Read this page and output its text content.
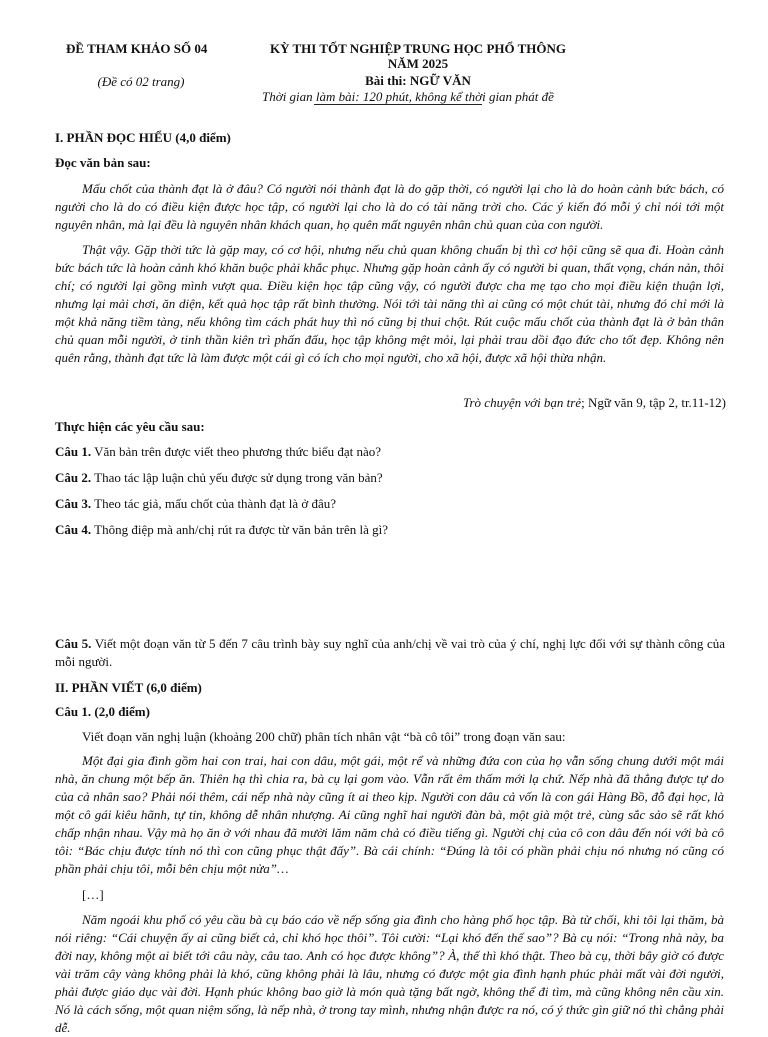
ĐỀ THAM KHẢO SỐ 04
(Đề có 02 trang)
KỲ THI TỐT NGHIỆP TRUNG HỌC PHỔ THÔNG
NĂM 2025
Bài thi: NGỮ VĂN
Thời gian làm bài: 120 phút, không kể thời gian phát đề
I. PHẦN ĐỌC HIỂU (4,0 điểm)
Đọc văn bản sau:
Mấu chốt của thành đạt là ở đâu? Có người nói thành đạt là do gặp thời, có người lại cho là do hoàn cảnh bức bách, có người cho là do có điều kiện được học tập, có người lại cho là do có tài năng trời cho. Các ý kiến đó mỗi ý chỉ nói tới một nguyên nhân, mà lại đều là nguyên nhân khách quan, họ quên mất nguyên nhân chủ quan của con người.
Thật vậy. Gặp thời tức là gặp may, có cơ hội, nhưng nếu chủ quan không chuẩn bị thì cơ hội cũng sẽ qua đi. Hoàn cảnh bức bách tức là hoàn cảnh khó khăn buộc phải khắc phục. Nhưng gặp hoàn cảnh ấy có người bi quan, thất vọng, chán nản, thôi chí; có người lại gồng mình vượt qua. Điều kiện học tập cũng vậy, có người được cha mẹ tạo cho mọi điều kiện thuận lợi, nhưng lại mải chơi, ăn diện, kết quả học tập rất bình thường. Nói tới tài năng thì ai cũng có một chút tài, nhưng đó chỉ mới là một khả năng tiềm tàng, nếu không tìm cách phát huy thì nó cũng bị thui chột. Rút cuộc mấu chốt của thành đạt là ở bản thân chủ quan mỗi người, ở tinh thần kiên trì phấn đấu, học tập không mệt mỏi, lại phải trau dồi đạo đức cho tốt đẹp. Không nên quên rằng, thành đạt tức là làm được một cái gì có ích cho mọi người, cho xã hội, được xã hội thừa nhận.
Trò chuyện với bạn trẻ; Ngữ văn 9, tập 2, tr.11-12)
Thực hiện các yêu cầu sau:
Câu 1. Văn bản trên được viết theo phương thức biểu đạt nào?
Câu 2. Thao tác lập luận chủ yếu được sử dụng trong văn bản?
Câu 3. Theo tác giả, mấu chốt của thành đạt là ở đâu?
Câu 4. Thông điệp mà anh/chị rút ra được từ văn bản trên là gì?
Câu 5. Viết một đoạn văn từ 5 đến 7 câu trình bày suy nghĩ của anh/chị về vai trò của ý chí, nghị lực đối với sự thành công của mỗi người.
II. PHẦN VIẾT (6,0 điểm)
Câu 1. (2,0 điểm)
Viết đoạn văn nghị luận (khoảng 200 chữ) phân tích nhân vật “bà cô tôi” trong đoạn văn sau:
Một đại gia đình gồm hai con trai, hai con dâu, một gái, một rể và những đứa con của họ vẫn sống chung dưới một mái nhà, ăn chung một bếp ăn. Thiên hạ thì chia ra, bà cụ lại gom vào. Vẫn rất êm thấm mới lạ chứ. Nếp nhà đã thẳng được tự do của cả nhân sao? Phải nói thêm, cái nếp nhà này cũng ít ai theo kịp. Người con dâu cả vốn là con gái Hàng Bồ, đỗ đại học, là một cô gái kiêu hãnh, tự tin, không dễ nhân nhượng. Ai cũng nghĩ hai người đàn bà, một già một trẻ, cùng sắc sảo sẽ rất khó chấp nhận nhau. Vậy mà họ ăn ở với nhau đã mười lăm năm chả có điều tiếng gì. Người chị của cô con dâu đến nói với bà cô tôi: “Bác chịu được tính nó thì con cũng phục thật đấy”. Bà cái chính: “Đúng là tôi có phần phải chịu nó nhưng nó cũng có phần phải chịu tôi, mỗi bên chịu một nửa”…
[…]
Năm ngoái khu phố có yêu cầu bà cụ báo cáo về nếp sống gia đình cho hàng phố học tập. Bà từ chối, khi tôi lại thăm, bà nói riêng: “Cái chuyện ấy ai cũng biết cả, chỉ khó học thôi”. Tôi cười: “Lại khó đến thế sao”? Bà cụ nói: “Trong nhà này, ba đời nay, không một ai biết tới câu này, câu tao. Anh có học được không”? À, thế thì khó thật. Theo bà cụ, thời bây giờ có được vài trăm cây vàng không phải là khó, cũng không phải là lâu, nhưng có được một gia đình hạnh phúc phải mất vài đời người, phải được giáo dục vài đời. Hạnh phúc không bao giờ là món quà tặng bất ngờ, không thể đi tìm, mà cũng không nên cầu xin. Nó là cách sống, một quan niệm sống, là nếp nhà, ở trong tay mình, nhưng nhận được ra nó, có ý thức gìn giữ nó thì chẳng phải dễ.
